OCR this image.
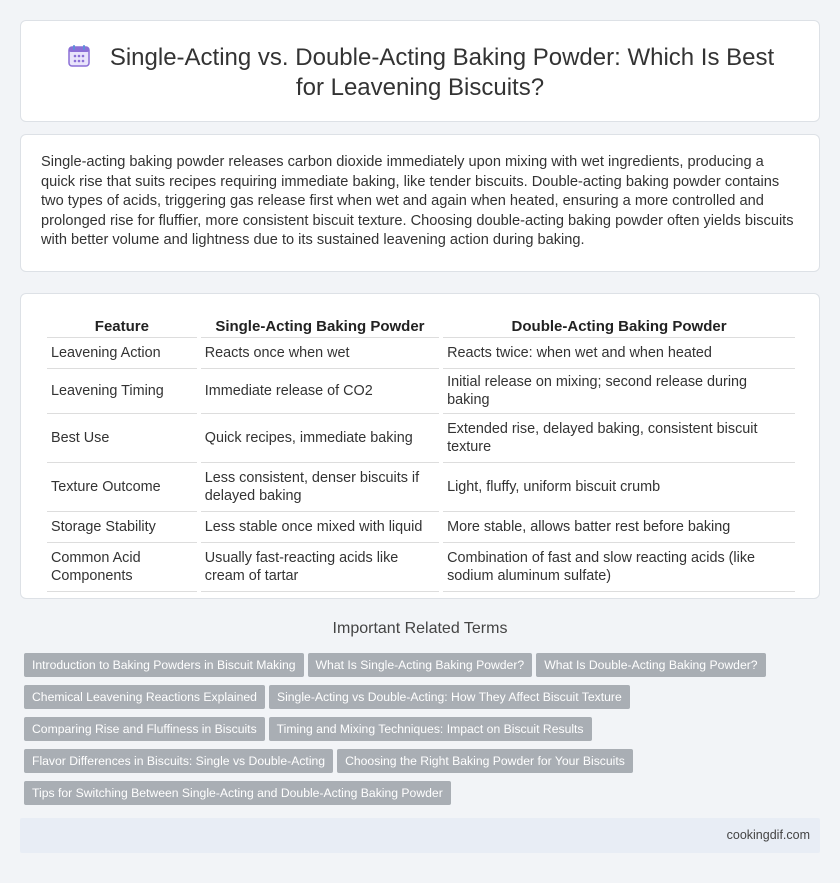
Single-Acting vs. Double-Acting Baking Powder: Which Is Best for Leavening Biscuits?

Single-acting baking powder releases carbon dioxide immediately upon mixing with wet ingredients, producing a quick rise that suits recipes requiring immediate baking, like tender biscuits. Double-acting baking powder contains two types of acids, triggering gas release first when wet and again when heated, ensuring a more controlled and prolonged rise for fluffier, more consistent biscuit texture. Choosing double-acting baking powder often yields biscuits with better volume and lightness due to its sustained leavening action during baking.

Feature	Single-Acting Baking Powder	Double-Acting Baking Powder
Leavening Action	Reacts once when wet	Reacts twice: when wet and when heated
Leavening Timing	Immediate release of CO2	Initial release on mixing; second release during baking
Best Use	Quick recipes, immediate baking	Extended rise, delayed baking, consistent biscuit texture
Texture Outcome	Less consistent, denser biscuits if delayed baking	Light, fluffy, uniform biscuit crumb
Storage Stability	Less stable once mixed with liquid	More stable, allows batter rest before baking
Common Acid Components	Usually fast-reacting acids like cream of tartar	Combination of fast and slow reacting acids (like sodium aluminum sulfate)
Important Related Terms
Introduction to Baking Powders in Biscuit Making What Is Single-Acting Baking Powder? What Is Double-Acting Baking Powder?
Chemical Leavening Reactions Explained Single-Acting vs Double-Acting: How They Affect Biscuit Texture
Comparing Rise and Fluffiness in Biscuits Timing and Mixing Techniques: Impact on Biscuit Results
Flavor Differences in Biscuits: Single vs Double-Acting Choosing the Right Baking Powder for Your Biscuits
Tips for Switching Between Single-Acting and Double-Acting Baking Powder
cookingdif.com
